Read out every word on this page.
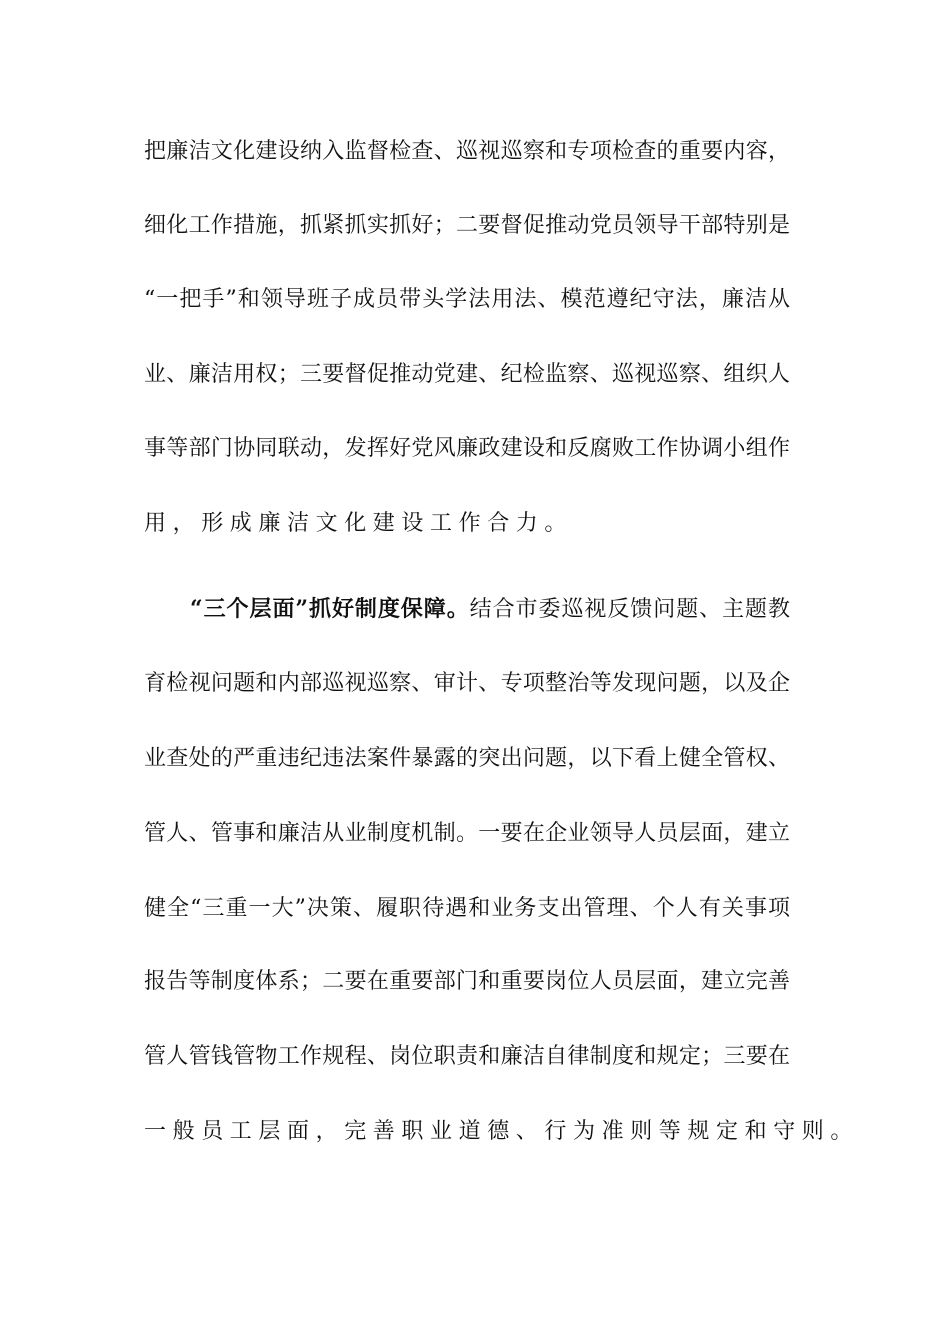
把廉洁文化建设纳入监督检查、巡视巡察和专项检查的重要内容，
细化工作措施，抓紧抓实抓好；二要督促推动党员领导干部特别是
“一把手”和领导班子成员带头学法用法、模范遵纪守法，廉洁从
业、廉洁用权；三要督促推动党建、纪检监察、巡视巡察、组织人
事等部门协同联动，发挥好党风廉政建设和反腐败工作协调小组作
用，形成廉洁文化建设工作合力。
“三个层面”抓好制度保障。结合市委巡视反馈问题、主题教
育检视问题和内部巡视巡察、审计、专项整治等发现问题，以及企
业查处的严重违纪违法案件暴露的突出问题，以下看上健全管权、
管人、管事和廉洁从业制度机制。一要在企业领导人员层面，建立
健全“三重一大”决策、履职待遇和业务支出管理、个人有关事项
报告等制度体系；二要在重要部门和重要岗位人员层面，建立完善
管人管钱管物工作规程、岗位职责和廉洁自律制度和规定；三要在
一般员工层面，完善职业道德、行为准则等规定和守则。
